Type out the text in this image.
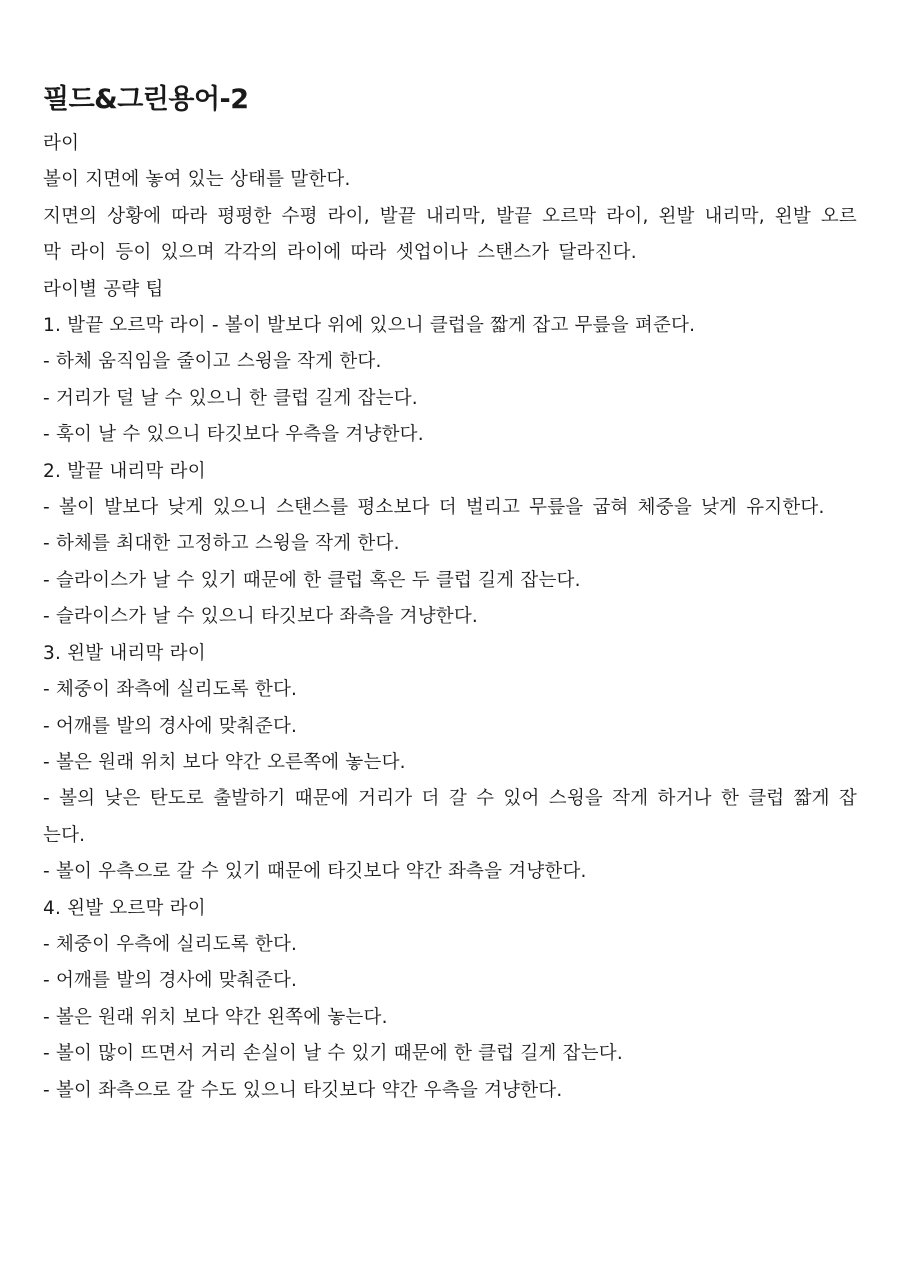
필드&그린용어-2
라이
볼이 지면에 놓여 있는 상태를 말한다.
지면의 상황에 따라 평평한 수평 라이, 발끝 내리막, 발끝 오르막 라이, 왼발 내리막, 왼발 오르막 라이 등이 있으며 각각의 라이에 따라 셋업이나 스탠스가 달라진다.
라이별 공략 팁
1. 발끝 오르막 라이 - 볼이 발보다 위에 있으니 클럽을 짧게 잡고 무릎을 펴준다.
- 하체 움직임을 줄이고 스윙을 작게 한다.
- 거리가 덜 날 수 있으니 한 클럽 길게 잡는다.
- 훅이 날 수 있으니 타깃보다 우측을 겨냥한다.
2. 발끝 내리막 라이
- 볼이 발보다 낮게 있으니 스탠스를 평소보다 더 벌리고 무릎을 굽혀 체중을 낮게 유지한다.
- 하체를 최대한 고정하고 스윙을 작게 한다.
- 슬라이스가 날 수 있기 때문에 한 클럽 혹은 두 클럽 길게 잡는다.
- 슬라이스가 날 수 있으니 타깃보다 좌측을 겨냥한다.
3. 왼발 내리막 라이
- 체중이 좌측에 실리도록 한다.
- 어깨를 발의 경사에 맞춰준다.
- 볼은 원래 위치 보다 약간 오른쪽에 놓는다.
- 볼의 낮은 탄도로 출발하기 때문에 거리가 더 갈 수 있어 스윙을 작게 하거나 한 클럽 짧게 잡는다.
- 볼이 우측으로 갈 수 있기 때문에 타깃보다 약간 좌측을 겨냥한다.
4. 왼발 오르막 라이
- 체중이 우측에 실리도록 한다.
- 어깨를 발의 경사에 맞춰준다.
- 볼은 원래 위치 보다 약간 왼쪽에 놓는다.
- 볼이 많이 뜨면서 거리 손실이 날 수 있기 때문에 한 클럽 길게 잡는다.
- 볼이 좌측으로 갈 수도 있으니 타깃보다 약간 우측을 겨냥한다.
